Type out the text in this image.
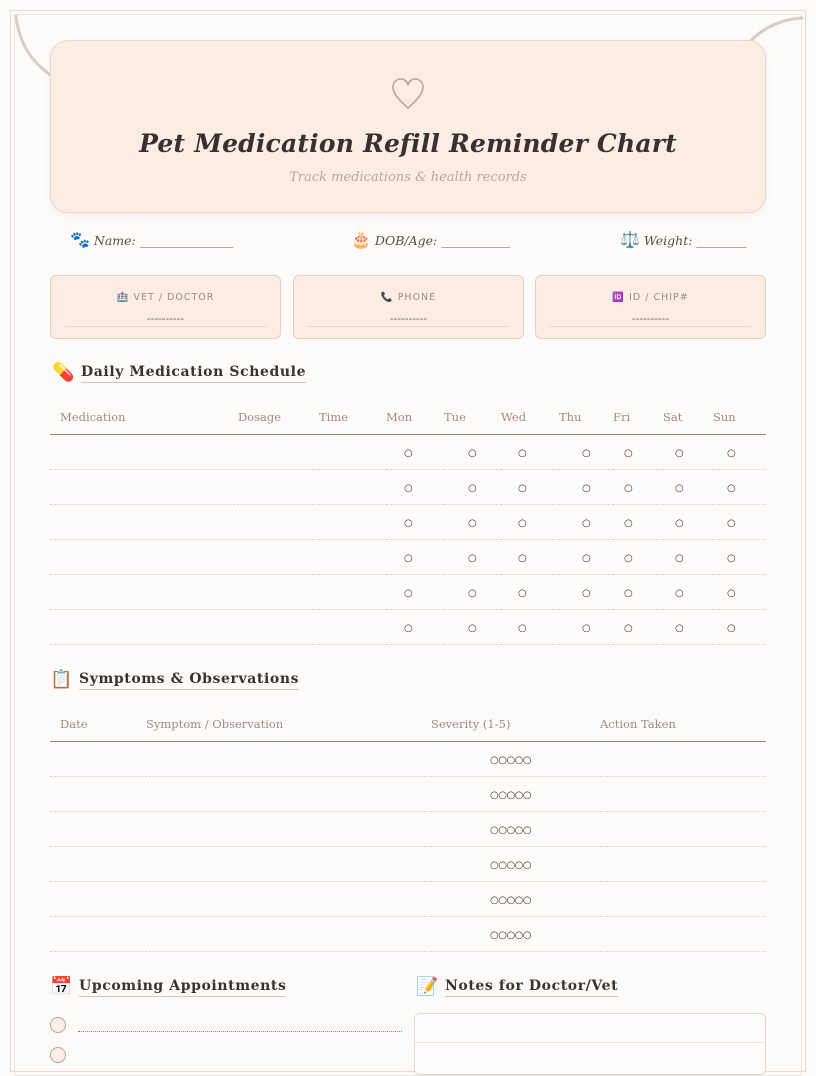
Pet Medication Refill Reminder Chart
Track medications & health records
🐾 Name: _______________	🎂 DOB/Age: ___________	⚖️ Weight: ________
🏥 VET / DOCTOR
----------
📞 PHONE
----------
🆔 ID / CHIP#
----------
💊 Daily Medication Schedule
Medication	Dosage	Time	Mon	Tue	Wed	Thu	Fri	Sat	Sun
			○	○	○	○	○	○	○
			○	○	○	○	○	○	○
			○	○	○	○	○	○	○
			○	○	○	○	○	○	○
			○	○	○	○	○	○	○
			○	○	○	○	○	○	○
📋 Symptoms & Observations
Date	Symptom / Observation	Severity (1-5)	Action Taken
		○○○○○	
		○○○○○	
		○○○○○	
		○○○○○	
		○○○○○	
		○○○○○	
📅 Upcoming Appointments	📝 Notes for Doctor/Vet
